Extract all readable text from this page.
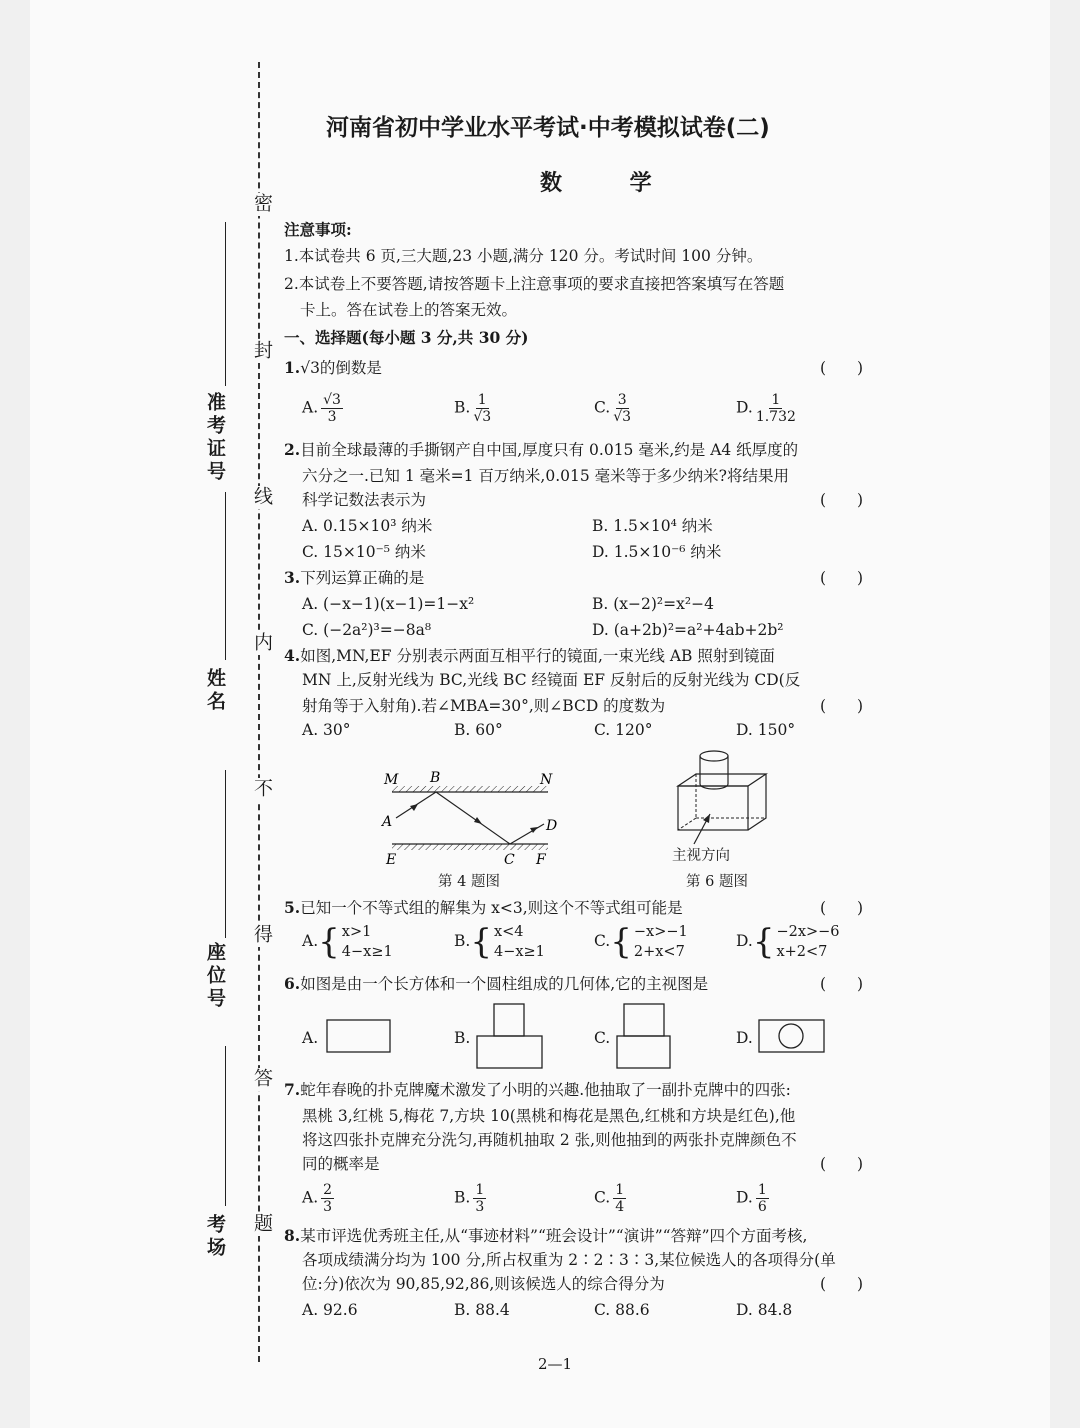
密
封
线
内
不
得
答
题
准考证号
姓名
座位号
考场
河南省初中学业水平考试·中考模拟试卷(二)
数 学
注意事项:
1.本试卷共 6 页,三大题,23 小题,满分 120 分。考试时间 100 分钟。
2.本试卷上不要答题,请按答题卡上注意事项的要求直接把答案填写在答题
卡上。答在试卷上的答案无效。
一、选择题(每小题 3 分,共 30 分)
1.√3的倒数是	(　　)
A. $\frac{√3}{3}$	B. $\frac{1}{√3}$	C. $\frac{3}{√3}$	D. $\frac{1}{1.732}$
2.目前全球最薄的手撕钢产自中国,厚度只有 0.015 毫米,约是 A4 纸厚度的
六分之一.已知 1 毫米=1 百万纳米,0.015 毫米等于多少纳米?将结果用
科学记数法表示为	(　　)
A. 0.15×10³ 纳米	B. 1.5×10⁴ 纳米
C. 15×10⁻⁵ 纳米	D. 1.5×10⁻⁶ 纳米
3.下列运算正确的是	(　　)
A. (−x−1)(x−1)=1−x²	B. (x−2)²=x²−4
C. (−2a²)³=−8a⁸	D. (a+2b)²=a²+4ab+2b²
4.如图,MN,EF 分别表示两面互相平行的镜面,一束光线 AB 照射到镜面
MN 上,反射光线为 BC,光线 BC 经镜面 EF 反射后的反射光线为 CD(反
射角等于入射角).若∠MBA=30°,则∠BCD 的度数为	(　　)
A. 30°	B. 60°	C. 120°	D. 150°
M B	N
A	D
E	C F
第 4 题图
主视方向
第 6 题图
5.已知一个不等式组的解集为 x<3,则这个不等式组可能是	(　　)
A. { x>1
4−x≥1
B. { x<4
4−x≥1
C. { −x>−1
2+x<7
D. { −2x>−6
x+2<7
6.如图是由一个长方体和一个圆柱组成的几何体,它的主视图是	(　　)
A.	B.	C.	D.
7.蛇年春晚的扑克牌魔术激发了小明的兴趣.他抽取了一副扑克牌中的四张:
黑桃 3,红桃 5,梅花 7,方块 10(黑桃和梅花是黑色,红桃和方块是红色),他
将这四张扑克牌充分洗匀,再随机抽取 2 张,则他抽到的两张扑克牌颜色不
同的概率是	(　　)
A. $\frac{2}{3}$	B. $\frac{1}{3}$	C. $\frac{1}{4}$	D. $\frac{1}{6}$
8.某市评选优秀班主任,从“事迹材料”“班会设计”“演讲”“答辩”四个方面考核,
各项成绩满分均为 100 分,所占权重为 2∶2∶3∶3,某位候选人的各项得分(单
位:分)依次为 90,85,92,86,则该候选人的综合得分为	(　　)
A. 92.6	B. 88.4	C. 88.6	D. 84.8
2—1
